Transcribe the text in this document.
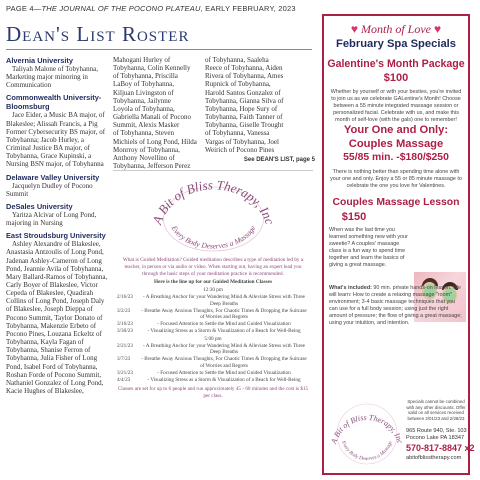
PAGE 4—THE JOURNAL OF THE POCONO PLATEAU, EARLY FEBRUARY, 2023
Dean's List Roster
Alvernia University

Taliyah Malone of Tobyhanna, Marketing major minoring in Communication

Commonwealth University-Bloomsburg

Jace Eider, a Music BA major, of Blakeslee; Alissah Francis, a Pig Former Cybersecurity BS major, of Tobyhanna; Jacob Hurley, a Criminal Justice BA major, of Tobyhanna, Grace Kupinski, a Nursing BSN major, of Tobyhanna

Delaware Valley University

Jacquelyn Dudley of Pocono Summit

DeSales University

Yaritza Alcivar of Long Pond, majoring in Nursing

East Stroudsburg University

Ashley Alexandre of Blakeslee, Anastasia Antzoulis of Long Pond, Jadenan Ashley-Cameron of Long Pond, Jeannie Avila of Tobyhanna, Mary Ballard-Ramos of Tobyhanna, Carly Boyer of Blakeslee, Victor Cepeda of Blakeslee, Quadirah Collins of Long Pond, Joseph Daly of Blakeslee, Joseph Dieppa of Pocono Summit, Taylor Donato of Tobyhanna, Makenzie Erbeto of Pocono Pines, Louzana Eckeltz of Tobyhanna, Kayla Fagan of Tobyhanna, Shanise Ferron of Tobyhanna, Julia Fisher of Long Pond, Isabel Ford of Tobyhanna, Roshan Forde of Pocono Summit, Nathaniel Gonzalez of Long Pond, Kacie Hughes of Blakeslee,

Mahogani Hurley of
Tobyhanna, Colin Kennelly
of Tobyhanna, Priscilla
LaBoy of Tobyhanna,
Kiljuan Livingston of
Tobyhanna, Jailynne
Loyola of Tobyhanna,
Gabriella Manali of Pocono
Summit, Alexis Masker
of Tobyhanna, Steven
Michiels of Long Pond, Hilda
Monrroy of Tobyhanna,
Anthony Novellino of
Tobyhanna, Jefferson Perez
of Tobyhanna, Saaleha
Reece of Tobyhanna, Aiden
Rivera of Tobyhanna, Ames
Rupnick of Tobyhanna,
Harold Santos Gonzalez of
Tobyhanna, Gianna Silva of
Tobyhanna, Hope Sury of
Tobyhanna, Faith Tanner of
Tobyhanna, Giselle Trought
of Tobyhanna, Vanessa
Vargas of Tobyhanna, Joel
Weirich of Pocono Pines
See DEAN'S LIST, page 5
A Bit of Bliss Therapy, Inc
Every Body Deserves a Massage
What is Guided Meditation? Guided meditation describes a type of meditation led by a teacher, in person or via audio or video. When starting out, having an expert lead you through the basic steps of your meditation practice is recommended.
Here is the line up for our Guided Meditation Classes
12:30 pm
2/16/23	- A Breathing Anchor for your Wandering Mind & Alleviate Stress with Three Deep Breaths
3/2/23	- Breathe Away Anxious Thoughts, For Chaotic Times & Dropping the Suitcase of Worries and Regrets
3/16/23	- Focused Attention to Settle the Mind and Guided Visualization
3/30/23	- Visualizing Stress as a Storm & Visualization of a Beach for Well-Being
5:00 pm
2/21/23	- A Breathing Anchor for your Wandering Mind & Alleviate Stress with Three Deep Breaths
3/7/23	- Breathe Away Anxious Thoughts, For Chaotic Times & Dropping the Suitcase of Worries and Regrets
3/21/23	- Focused Attention to Settle the Mind and Guided Visualization
4/4/23	- Visualizing Stress as a Storm & Visualization of a Beach for Well-Being
Classes are set for up to 6 people and run approximately 45 - 60 minutes and the cost is $15 per class.
♥ Month of Love ♥
February Spa Specials
Galentine's Month Package
$100
Whether by yourself or with your besties, you're invited to join us as we celebrate GALentine's Month! Choose between a 55 minute integrated massage session or personalized facial. Celebrate with us, and make this month of self-love (with the gals) one to remember!
Your One and Only:
Couples Massage
55/85 min. -$180/$250
There is nothing better than spending time alone with your one and only. Enjoy a 55 or 85 minute massage to celebrate the one you love for Valentines.
Couples Massage Lesson
$150
When was the last time you learned something new with your sweetie? A couples' massage class is a fun way to spend time together and learn the basics of giving a great massage.
What's included: 90 min. private hands-on lesson. We will learn: How to create a relaxing massage "room" environment; 3-4 basic massage techniques that you can use for a full body session; using just the right amount of pressure; the flow of giving a great massage; using your intuition, and intention.
A Bit of Bliss Therapy, Inc
Every Body Deserves a Massage
Specials cannot be combined with any other discounts. Offer valid on all services received between 2/01/23 and 2/28/23
965 Route 940, Ste. 103
Pocono Lake PA 18347
570-817-8847 x2
abitofblisstherapy.com
